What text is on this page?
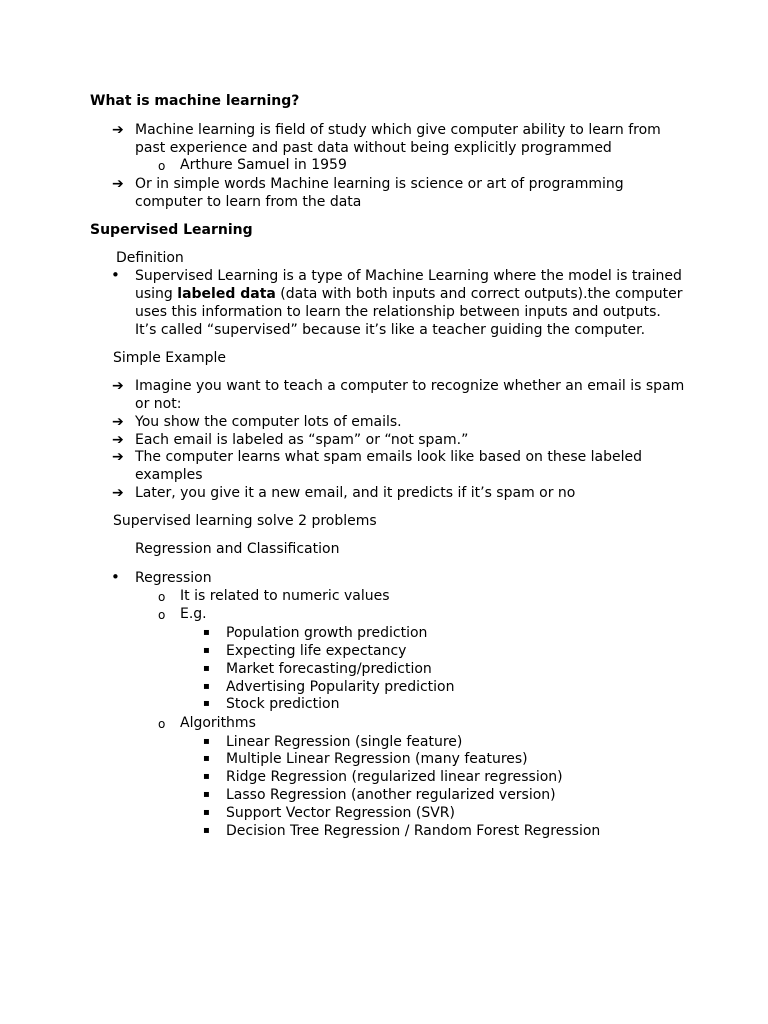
What is machine learning?
➔ Machine learning is field of study which give computer ability to learn from
past experience and past data without being explicitly programmed
o Arthure Samuel in 1959
➔ Or in simple words Machine learning is science or art of programming
computer to learn from the data
Supervised Learning
Definition
• Supervised Learning is a type of Machine Learning where the model is trained
using labeled data (data with both inputs and correct outputs).the computer
uses this information to learn the relationship between inputs and outputs.
It’s called “supervised” because it’s like a teacher guiding the computer.
Simple Example
➔ Imagine you want to teach a computer to recognize whether an email is spam
or not:
➔ You show the computer lots of emails.
➔ Each email is labeled as “spam” or “not spam.”
➔ The computer learns what spam emails look like based on these labeled
examples
➔ Later, you give it a new email, and it predicts if it’s spam or no
Supervised learning solve 2 problems
Regression and Classification
• Regression
o It is related to numeric values
o E.g.
▪ Population growth prediction
▪ Expecting life expectancy
▪ Market forecasting/prediction
▪ Advertising Popularity prediction
▪ Stock prediction
o Algorithms
▪ Linear Regression (single feature)
▪ Multiple Linear Regression (many features)
▪ Ridge Regression (regularized linear regression)
▪ Lasso Regression (another regularized version)
▪ Support Vector Regression (SVR)
▪ Decision Tree Regression / Random Forest Regression
